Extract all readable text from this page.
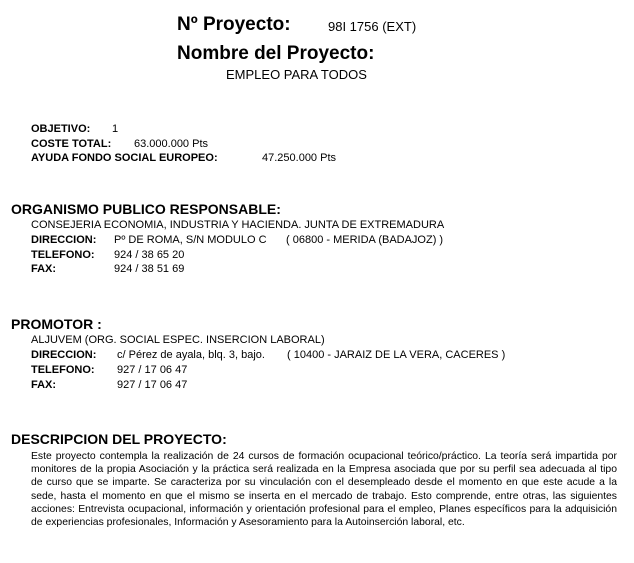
Nº Proyecto:	98I 1756 (EXT)
Nombre del Proyecto:
EMPLEO PARA TODOS
OBJETIVO: 1
COSTE TOTAL: 63.000.000 Pts
AYUDA FONDO SOCIAL EUROPEO:	47.250.000 Pts
ORGANISMO PUBLICO RESPONSABLE:
CONSEJERIA ECONOMIA, INDUSTRIA Y HACIENDA. JUNTA DE EXTREMADURA
DIRECCION: Pº DE ROMA, S/N MODULO C ( 06800 - MERIDA (BADAJOZ) )
TELEFONO: 924 / 38 65 20
FAX:	924 / 38 51 69
PROMOTOR :
ALJUVEM (ORG. SOCIAL ESPEC. INSERCION LABORAL)
DIRECCION: c/ Pérez de ayala, blq. 3, bajo. ( 10400 - JARAIZ DE LA VERA, CACERES )
TELEFONO: 927 / 17 06 47
FAX:	927 / 17 06 47
DESCRIPCION DEL PROYECTO:
Este proyecto contempla la realización de 24 cursos de formación ocupacional teórico/práctico. La teoría será impartida por monitores de la propia Asociación y la práctica será realizada en la Empresa asociada que por su perfil sea adecuada al tipo de curso que se imparte. Se caracteriza por su vinculación con el desempleado desde el momento en que este acude a la sede, hasta el momento en que el mismo se inserta en el mercado de trabajo. Esto comprende, entre otras, las siguientes acciones: Entrevista ocupacional, información y orientación profesional para el empleo, Planes específicos para la adquisición de experiencias profesionales, Información y Asesoramiento para la Autoinserción laboral, etc.
